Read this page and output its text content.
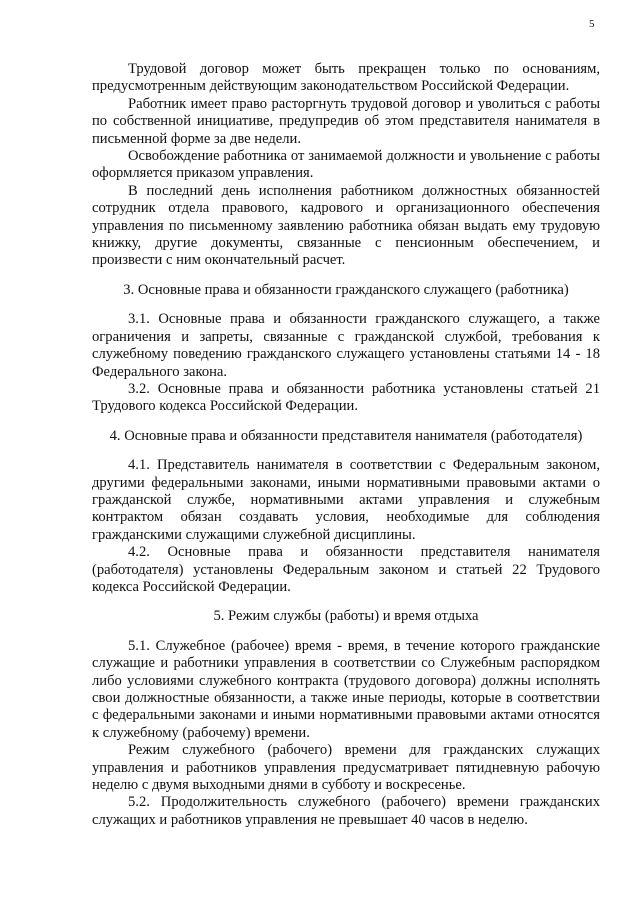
5

Трудовой договор может быть прекращен только по основаниям, предусмотренным действующим законодательством Российской Федерации.

Работник имеет право расторгнуть трудовой договор и уволиться с работы по собственной инициативе, предупредив об этом представителя нанимателя в письменной форме за две недели.

Освобождение работника от занимаемой должности и увольнение с работы оформляется приказом управления.

В последний день исполнения работником должностных обязанностей сотрудник отдела правового, кадрового и организационного обеспечения управления по письменному заявлению работника обязан выдать ему трудовую книжку, другие документы, связанные с пенсионным обеспечением, и произвести с ним окончательный расчет.

3. Основные права и обязанности гражданского служащего (работника)

3.1. Основные права и обязанности гражданского служащего, а также ограничения и запреты, связанные с гражданской службой, требования к служебному поведению гражданского служащего установлены статьями 14 - 18 Федерального закона.

3.2. Основные права и обязанности работника установлены статьей 21 Трудового кодекса Российской Федерации.

4. Основные права и обязанности представителя нанимателя (работодателя)

4.1. Представитель нанимателя в соответствии с Федеральным законом, другими федеральными законами, иными нормативными правовыми актами о гражданской службе, нормативными актами управления и служебным контрактом обязан создавать условия, необходимые для соблюдения гражданскими служащими служебной дисциплины.

4.2. Основные права и обязанности представителя нанимателя (работодателя) установлены Федеральным законом и статьей 22 Трудового кодекса Российской Федерации.

5. Режим службы (работы) и время отдыха

5.1. Служебное (рабочее) время - время, в течение которого гражданские служащие и работники управления в соответствии со Служебным распорядком либо условиями служебного контракта (трудового договора) должны исполнять свои должностные обязанности, а также иные периоды, которые в соответствии с федеральными законами и иными нормативными правовыми актами относятся к служебному (рабочему) времени.

Режим служебного (рабочего) времени для гражданских служащих управления и работников управления предусматривает пятидневную рабочую неделю с двумя выходными днями в субботу и воскресенье.

5.2. Продолжительность служебного (рабочего) времени гражданских служащих и работников управления не превышает 40 часов в неделю.
